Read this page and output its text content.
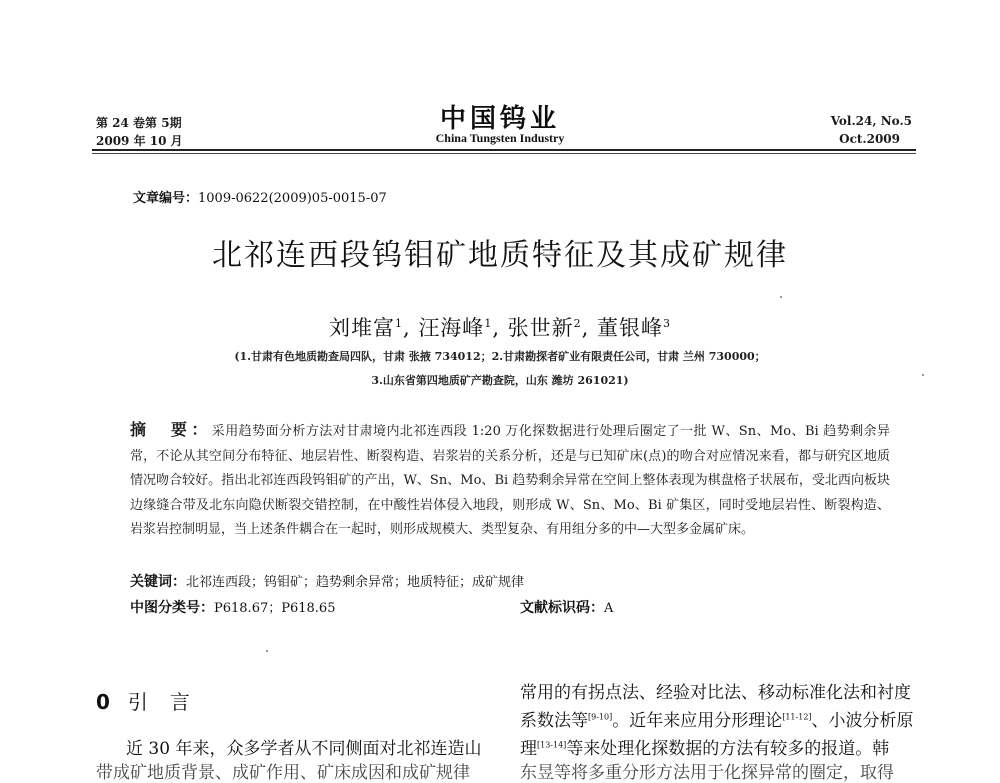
第 24 卷第 5期
2009 年 10 月
中国钨业
China Tungsten Industry
Vol.24, No.5
Oct.2009
文章编号：1009-0622(2009)05-0015-07
北祁连西段钨钼矿地质特征及其成矿规律
刘堆富$^1$, 汪海峰$^1$, 张世新$^2$, 董银峰$^3$
(1.甘肃有色地质勘查局四队，甘肃 张掖 734012；2.甘肃勘探者矿业有限责任公司，甘肃 兰州 730000；
3.山东省第四地质矿产勘查院，山东 潍坊 261021)
摘　要：采用趋势面分析方法对甘肃境内北祁连西段 1:20 万化探数据进行处理后圈定了一批 W、Sn、Mo、Bi 趋势剩余异常，不论从其空间分布特征、地层岩性、断裂构造、岩浆岩的关系分析，还是与已知矿床(点)的吻合对应情况来看，都与研究区地质情况吻合较好。指出北祁连西段钨钼矿的产出，W、Sn、Mo、Bi 趋势剩余异常在空间上整体表现为棋盘格子状展布，受北西向板块边缘缝合带及北东向隐伏断裂交错控制，在中酸性岩体侵入地段，则形成 W、Sn、Mo、Bi 矿集区，同时受地层岩性、断裂构造、岩浆岩控制明显，当上述条件耦合在一起时，则形成规模大、类型复杂、有用组分多的中—大型多金属矿床。
关键词：北祁连西段；钨钼矿；趋势剩余异常；地质特征；成矿规律
中图分类号：P618.67；P618.65	文献标识码：A
0 引言
近 30 年来，众多学者从不同侧面对北祁连造山
带成矿地质背景、成矿作用、矿床成因和成矿规律
常用的有拐点法、经验对比法、移动标准化法和衬度
系数法等[9-10]。近年来应用分形理论[11-12]、小波分析原
理[13-14]等来处理化探数据的方法有较多的报道。韩
东昱等将多重分形方法用于化探异常的圈定，取得
